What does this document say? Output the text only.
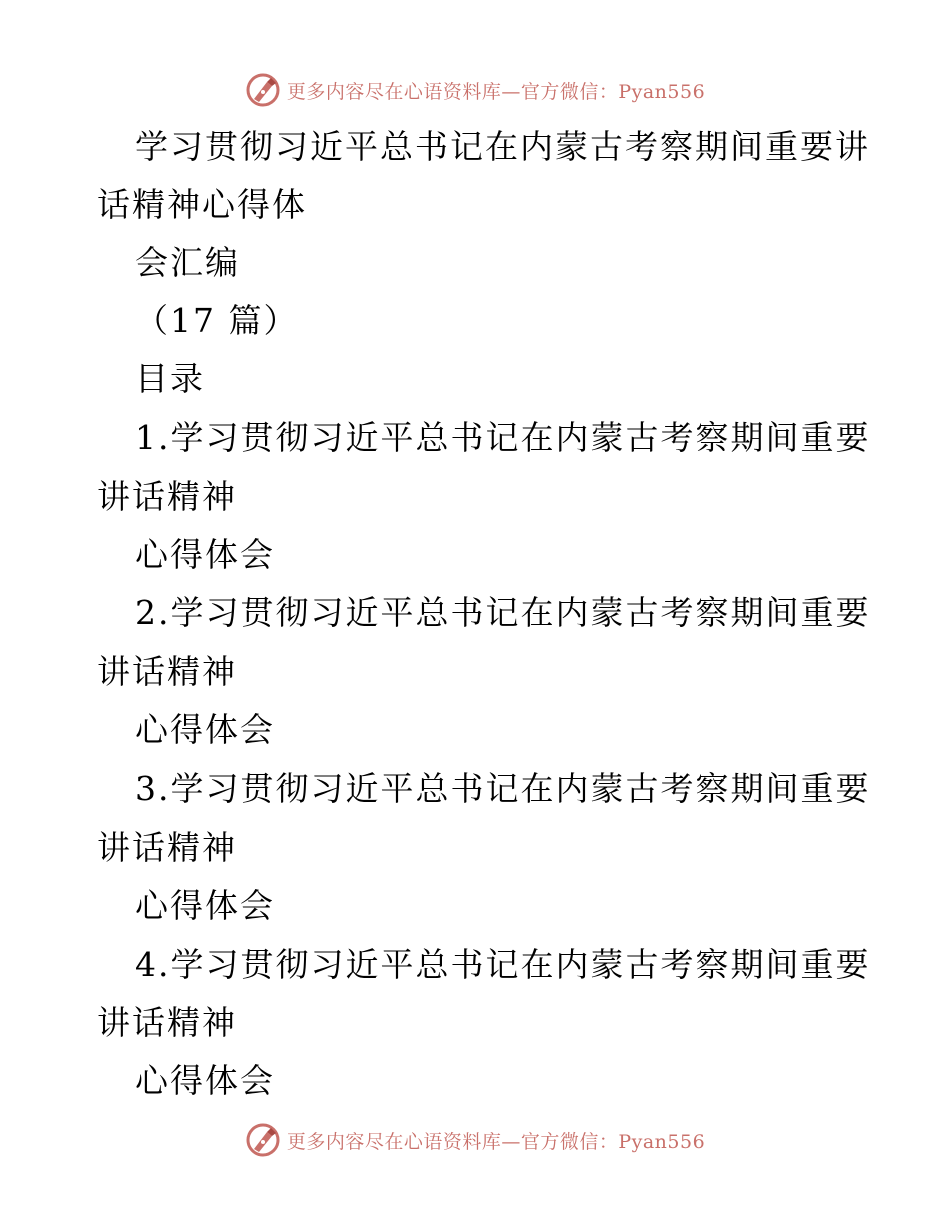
更多内容尽在心语资料库—官方微信：Pyan556
学习贯彻习近平总书记在内蒙古考察期间重要讲
话精神心得体
会汇编
（17 篇）
目录
1.学习贯彻习近平总书记在内蒙古考察期间重要
讲话精神
心得体会
2.学习贯彻习近平总书记在内蒙古考察期间重要
讲话精神
心得体会
3.学习贯彻习近平总书记在内蒙古考察期间重要
讲话精神
心得体会
4.学习贯彻习近平总书记在内蒙古考察期间重要
讲话精神
心得体会
更多内容尽在心语资料库—官方微信：Pyan556
